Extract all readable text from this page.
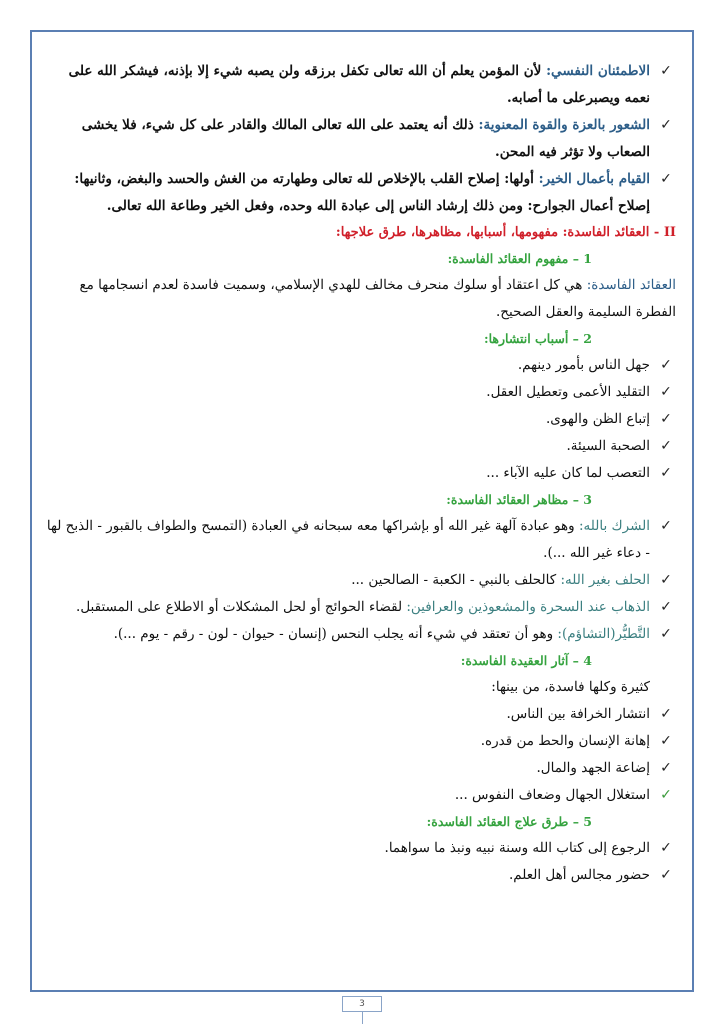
✓
الاطمئنان النفسي: لأن المؤمن يعلم أن الله تعالى تكفل برزقه ولن يصبه شيء إلا بإذنه، فيشكر الله على نعمه ويصبرعلى ما أصابه.
✓
الشعور بالعزة والقوة المعنوية: ذلك أنه يعتمد على الله تعالى المالك والقادر على كل شيء، فلا يخشى الصعاب ولا تؤثر فيه المحن.
✓
القيام بأعمال الخير: أولها: إصلاح القلب بالإخلاص لله تعالى وطهارته من الغش والحسد والبغض، وثانيها: إصلاح أعمال الجوارح: ومن ذلك إرشاد الناس إلى عبادة الله وحده، وفعل الخير وطاعة الله تعالى.
II - العقائد الفاسدة: مفهومها، أسبابها، مظاهرها، طرق علاجها:
1 – مفهوم العقائد الفاسدة:
العقائد الفاسدة: هي كل اعتقاد أو سلوك منحرف مخالف للهدي الإسلامي، وسميت فاسدة لعدم انسجامها مع الفطرة السليمة والعقل الصحيح.
2 – أسباب انتشارها:
✓
جهل الناس بأمور دينهم.
✓
التقليد الأعمى وتعطيل العقل.
✓
إتباع الظن والهوى.
✓
الصحبة السيئة.
✓
التعصب لما كان عليه الآباء ...
3 – مظاهر العقائد الفاسدة:
✓
الشرك بالله: وهو عبادة آلهة غير الله أو بإشراكها معه سبحانه في العبادة (التمسح والطواف بالقبور - الذبح لها - دعاء غير الله ...).
✓
الحلف بغير الله: كالحلف بالنبي - الكعبة - الصالحين ...
✓
الذهاب عند السحرة والمشعوذين والعرافين: لقضاء الحوائج أو لحل المشكلات أو الاطلاع على المستقبل.
✓
التَّطيُّر(التشاؤم): وهو أن تعتقد في شيء أنه يجلب النحس (إنسان - حيوان - لون - رقم - يوم ...).
4 – آثار العقيدة الفاسدة:
كثيرة وكلها فاسدة، من بينها:
✓
انتشار الخرافة بين الناس.
✓
إهانة الإنسان والحط من قدره.
✓
إضاعة الجهد والمال.
✓
استغلال الجهال وضعاف النفوس ...
5 – طرق علاج العقائد الفاسدة:
✓
الرجوع إلى كتاب الله وسنة نبيه ونبذ ما سواهما.
✓
حضور مجالس أهل العلم.
3
